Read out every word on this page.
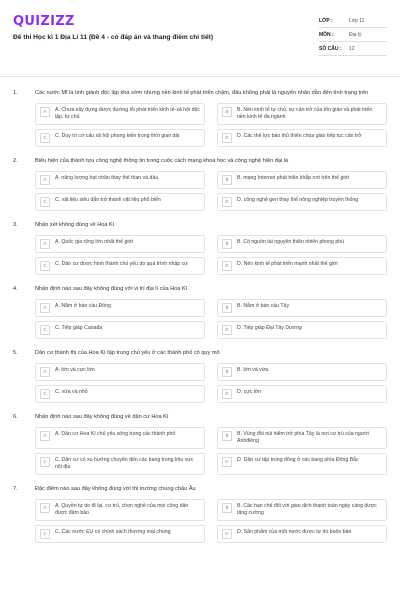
QUIZIZZ
Đề thi Học kì 1 Địa Lí 11 (Đề 4 - có đáp án và thang điểm chi tiết)
LỚP :	Lớp 11
MÔN :	Địa lý
SỐ CÂU :	12
1.	Các nước Mĩ la tinh giành độc lập khá sớm nhưng nền kinh tế phát triển chậm, đâu không phải là nguyên nhân dẫn đến tình trạng trên
A	A. Chưa xây dựng được đường lối phát triển kinh tế-xã hội độc lập, tự chủ
B	B. Nền kinh tế tự chủ, sự cản trở của tôn giáo và phát triển nền kinh tế đa ngành
C	C. Duy trì cơ cấu xã hội phong kiến trong thời gian dài	D	D. Các thế lực bảo thủ thiên chúa giáo tiếp tục cản trở
2.	Biểu hiện của thành tựu công nghệ thông tin trong cuộc cách mạng khoa học và công nghệ hiện đại là
A	A. năng lượng hạt nhân thay thế than và dầu	B	B. mạng Internet phát triển khắp nơi trên thế giới
C	C. vật liệu siêu dẫn trở thành vật liệu phổ biến	D	D. công nghệ gen thay thế nông nghiệp truyền thống
3.	Nhận xét không đúng về Hoa Kì
A	A. Quốc gia rộng lớn nhất thế giới	B	B. Có nguồn tài nguyên thiên nhiên phong phú
C	C. Dân cư được hình thành chủ yếu do quá trình nhập cư	D	D. Nền kinh tế phát triển mạnh nhất thế giới
4.	Nhận định nào sau đây không đúng với vị trí địa lí của Hoa Kì
A	A. Nằm ở bán cầu Đông	B	B. Nằm ở bán cầu Tây
C	C. Tiếp giáp Canađa	D	D. Tiếp giáp Đại Tây Dương
5.	Dân cư thành thị của Hoa Kì tập trung chủ yếu ở các thành phố có quy mô
A	A. lớn và cực lớn	B	B. lớn và vừa
C	C. vừa và nhỏ	D	D. cực lớn
6.	Nhận định nào sau đây không đúng về dân cư Hoa Kì
A	A. Dân cư Hoa Kì chủ yếu sống trong các thành phố	B	B. Vùng đồi núi hiểm trở phía Tây là nơi cư trú của người Anhđiêng
C	C. Dân cư có xu hướng chuyển đến các bang trong khu vực nội địa
D	D. Dân cư tập trung đông ở các bang phía Đông Bắc
7.	Đặc điểm nào sau đây không đúng với thị trường chung châu Âu
A	A. Quyền tự do đi lại, cư trú, chọn nghề của mọi công dân được đảm bảo
B	B. Các hạn chế đối với giao dịch thanh toán ngày càng được tăng cường
C	C. Các nước EU có chính sách thương mại chung	D	D. Sản phẩm của một nước được tự do buôn bán
